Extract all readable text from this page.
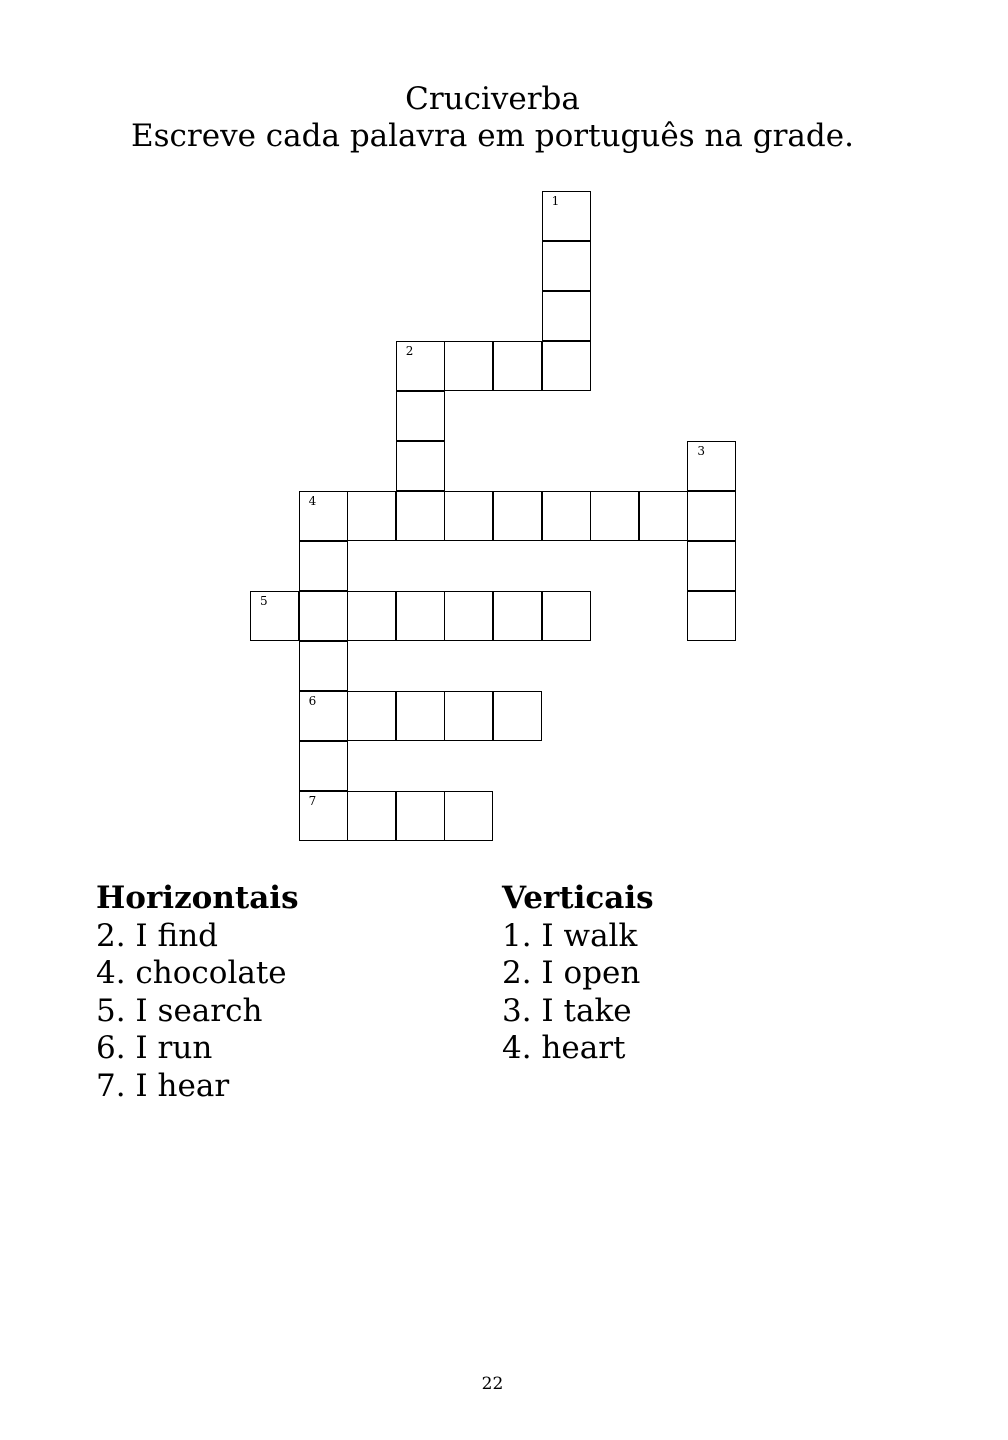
Cruciverba
Escreve cada palavra em português na grade.
1
2
3
4
6
7
5
Horizontais
2. I find
4. chocolate
5. I search
6. I run
7. I hear
Verticais
1. I walk
2. I open
3. I take
4. heart
22
